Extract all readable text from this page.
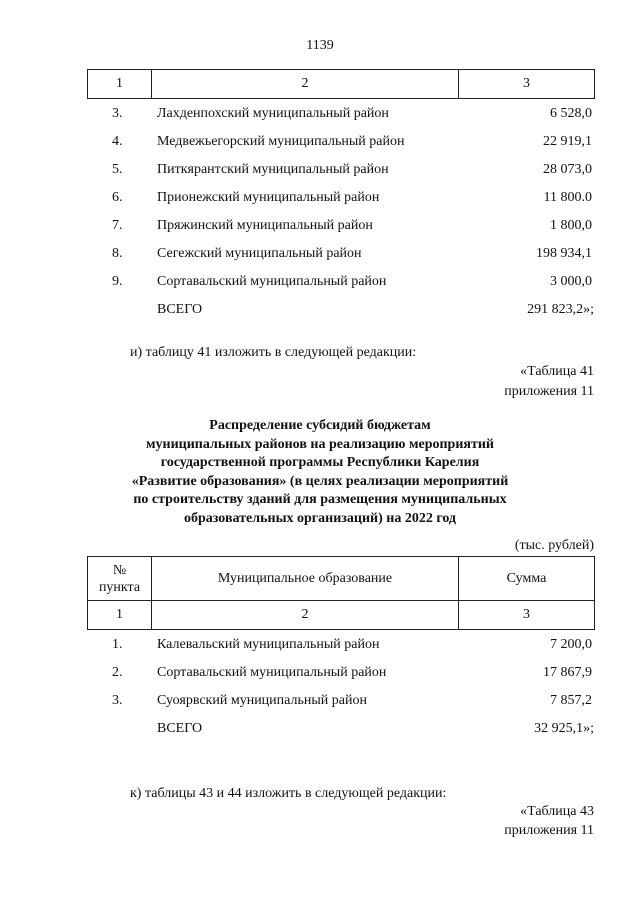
1139
1	2	3
3.	Лахденпохский муниципальный район	6 528,0
4.	Медвежьегорский муниципальный район	22 919,1
5.	Питкярантский муниципальный район	28 073,0
6.	Прионежский муниципальный район	11 800.0
7.	Пряжинский муниципальный район	1 800,0
8.	Сегежский муниципальный район	198 934,1
9.	Сортавальский муниципальный район	3 000,0
ВСЕГО	291 823,2»;
и) таблицу 41 изложить в следующей редакции:
«Таблица 41
приложения 11
Распределение субсидий бюджетам
муниципальных районов на реализацию мероприятий
государственной программы Республики Карелия
«Развитие образования» (в целях реализации мероприятий
по строительству зданий для размещения муниципальных
образовательных организаций) на 2022 год
(тыс. рублей)
№
пункта	Муниципальное образование	Сумма
1	2	3
1.	Калевальский муниципальный район	7 200,0
2.	Сортавальский муниципальный район	17 867,9
3.	Суоярвский муниципальный район	7 857,2
ВСЕГО	32 925,1»;
к) таблицы 43 и 44 изложить в следующей редакции:
«Таблица 43
приложения 11
